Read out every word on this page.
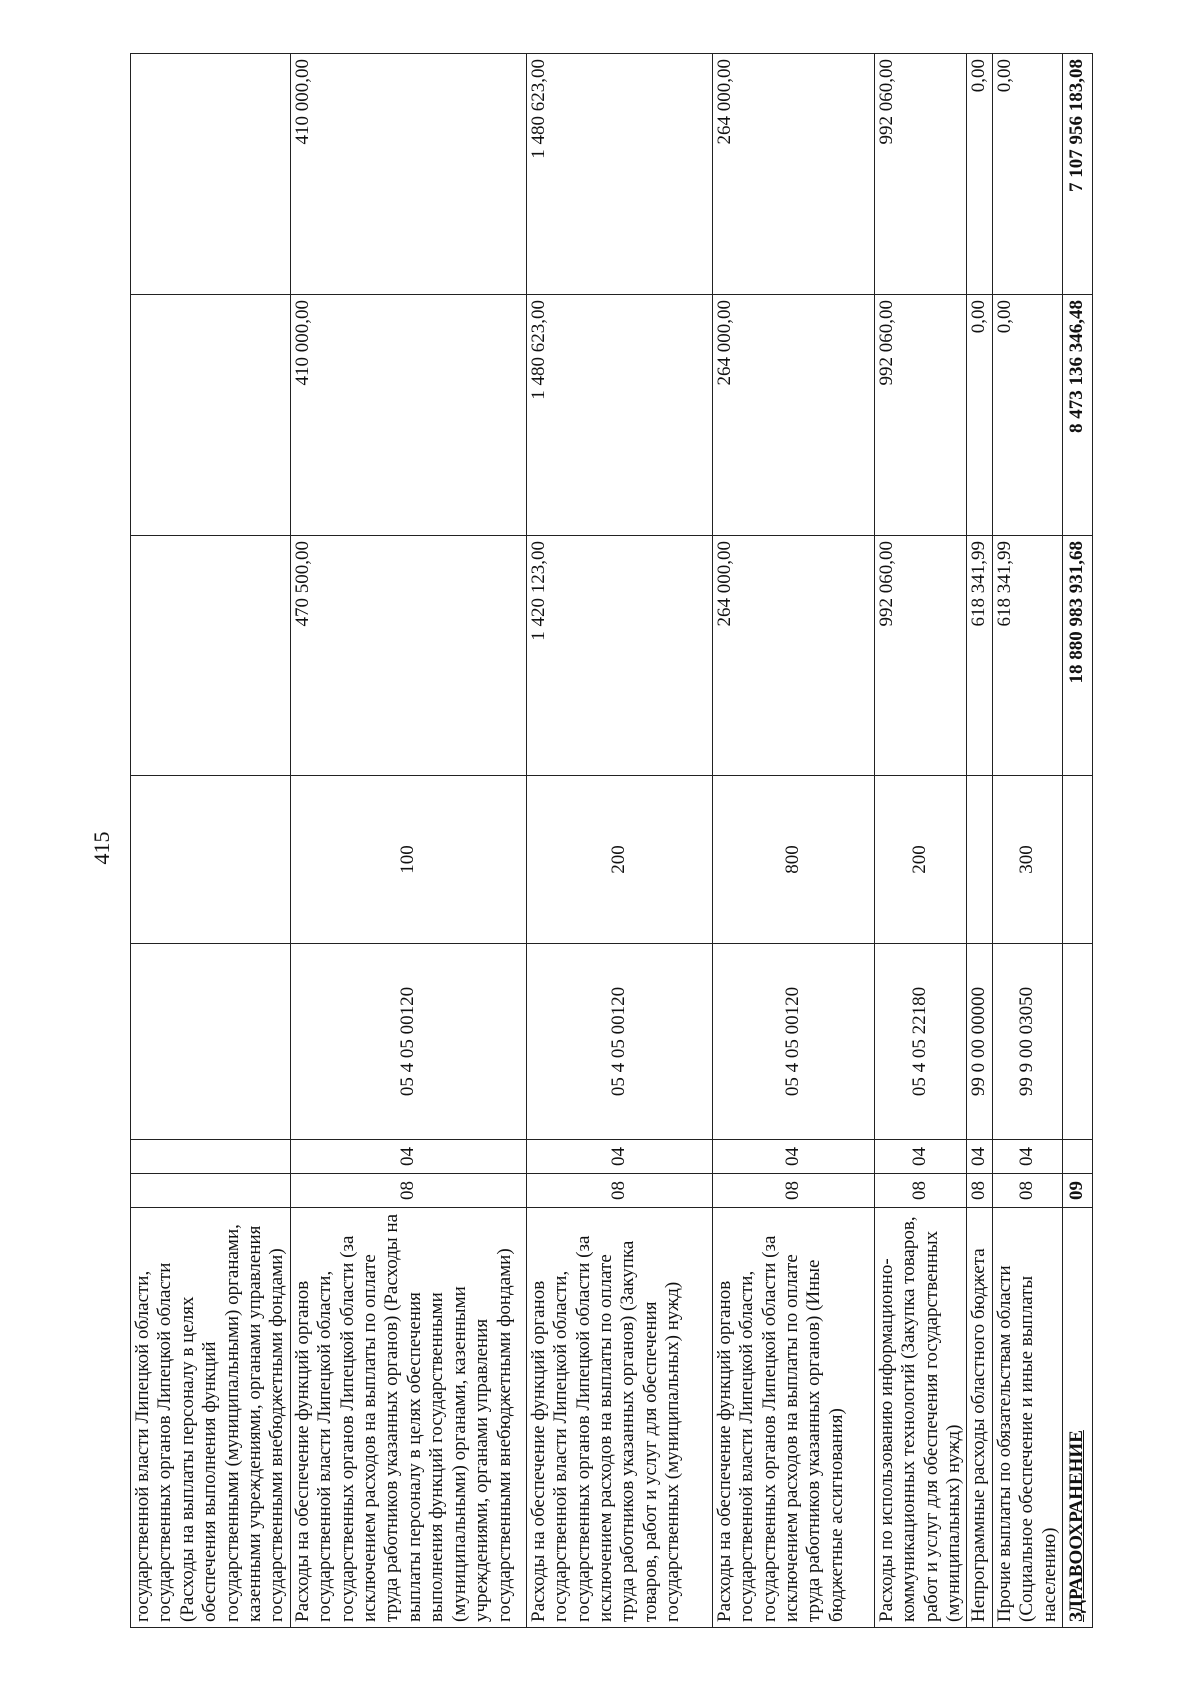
415
государственной власти Липецкой области, государственных органов Липецкой области (Расходы на выплаты персоналу в целях обеспечения выполнения функций государственными (муниципальными) органами, казенными учреждениями, органами управления государственными внебюджетными фондами)							
Расходы на обеспечение функций органов государственной власти Липецкой области, государственных органов Липецкой области (за исключением расходов на выплаты по оплате труда работников указанных органов) (Расходы на выплаты персоналу в целях обеспечения выполнения функций государственными (муниципальными) органами, казенными учреждениями, органами управления государственными внебюджетными фондами)	08	04	05 4 05 00120	100	470 500,00	410 000,00	410 000,00
Расходы на обеспечение функций органов государственной власти Липецкой области, государственных органов Липецкой области (за исключением расходов на выплаты по оплате труда работников указанных органов) (Закупка товаров, работ и услуг для обеспечения государственных (муниципальных) нужд)	08	04	05 4 05 00120	200	1 420 123,00	1 480 623,00	1 480 623,00
Расходы на обеспечение функций органов государственной власти Липецкой области, государственных органов Липецкой области (за исключением расходов на выплаты по оплате труда работников указанных органов) (Иные бюджетные ассигнования)	08	04	05 4 05 00120	800	264 000,00	264 000,00	264 000,00
Расходы по использованию информационно-коммуникационных технологий (Закупка товаров, работ и услуг для обеспечения государственных (муниципальных) нужд)	08	04	05 4 05 22180	200	992 060,00	992 060,00	992 060,00
Непрограммные расходы областного бюджета	08	04	99 0 00 00000		618 341,99	0,00	0,00
Прочие выплаты по обязательствам области (Социальное обеспечение и иные выплаты населению)	08	04	99 9 00 03050	300	618 341,99	0,00	0,00
ЗДРАВООХРАНЕНИЕ	09				18 880 983 931,68	8 473 136 346,48	7 107 956 183,08
